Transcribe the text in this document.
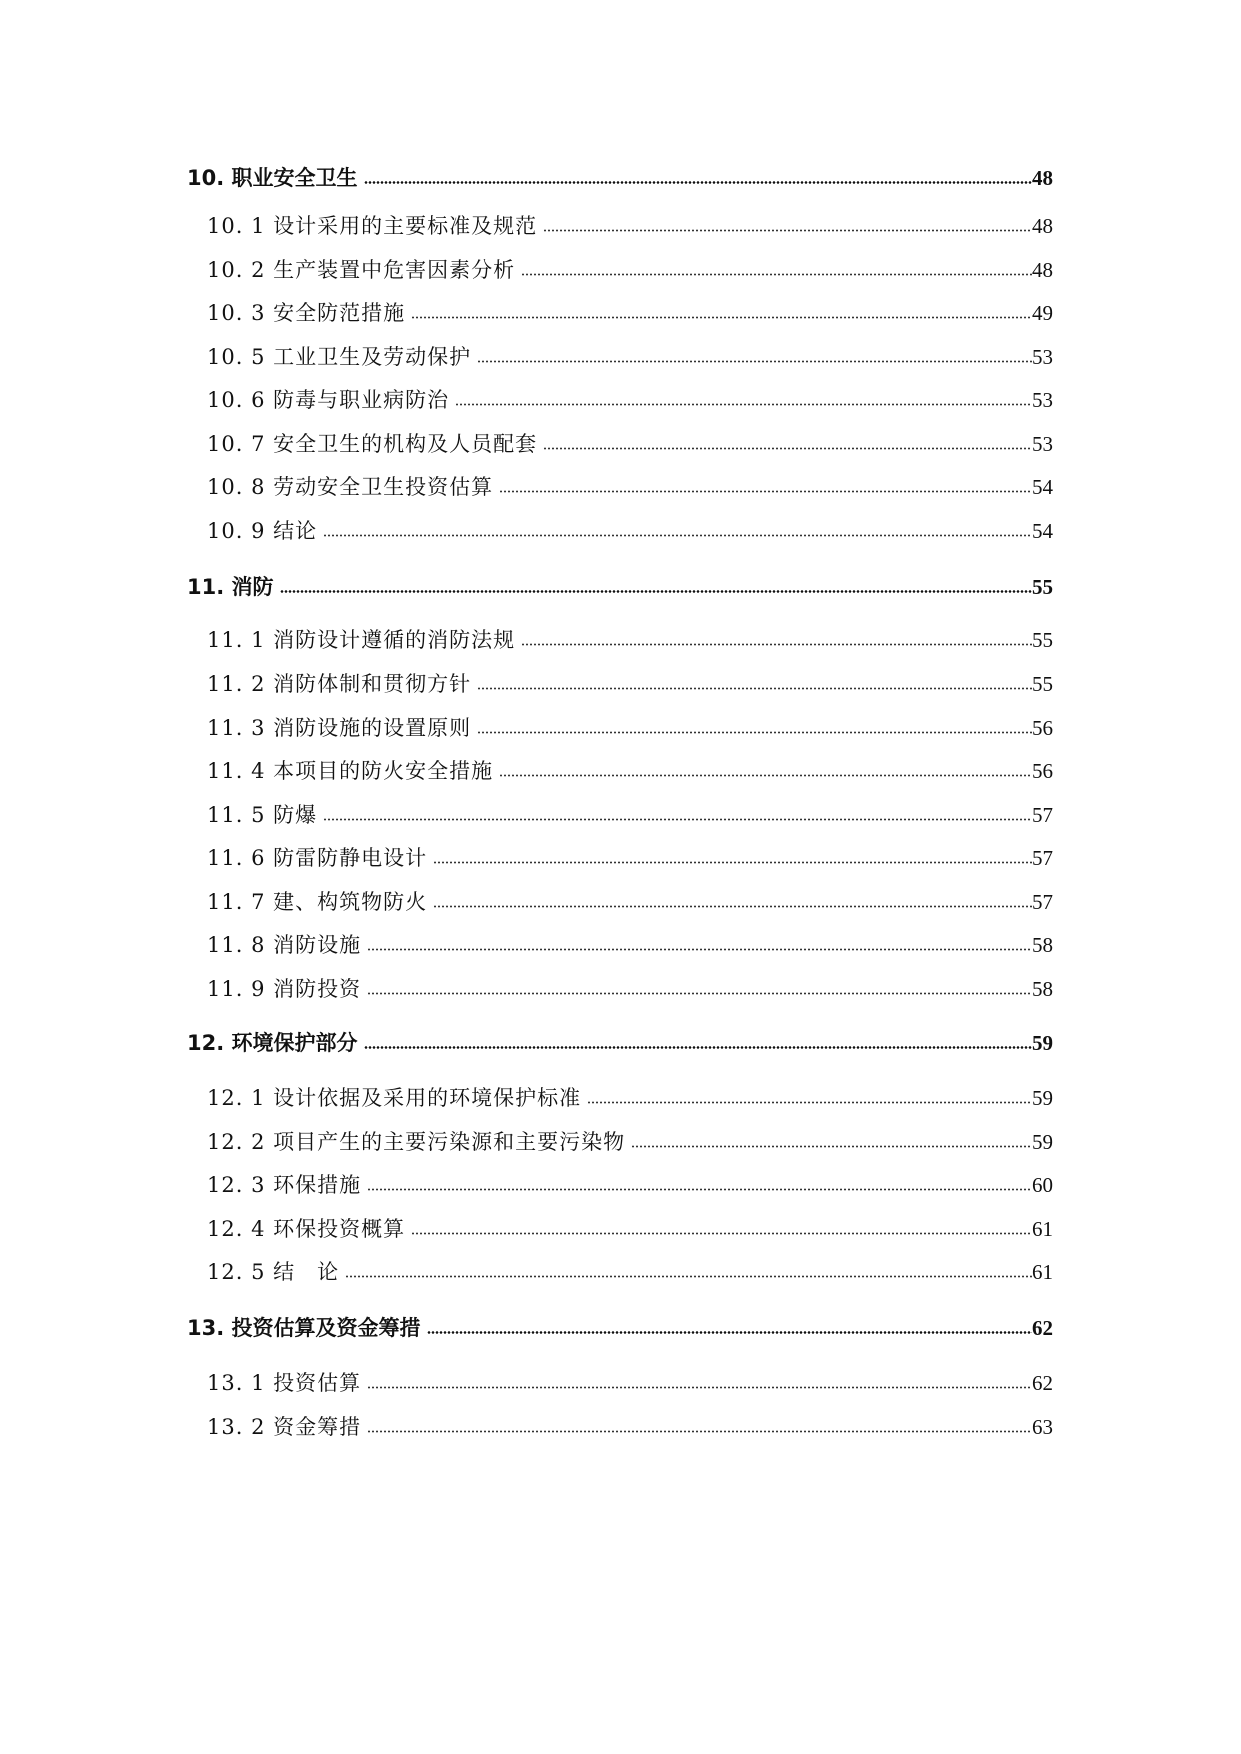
10. 职业安全卫生	48
10. 1 设计采用的主要标准及规范	48
10. 2 生产装置中危害因素分析	48
10. 3 安全防范措施	49
10. 5 工业卫生及劳动保护	53
10. 6 防毒与职业病防治	53
10. 7 安全卫生的机构及人员配套	53
10. 8 劳动安全卫生投资估算	54
10. 9 结论	54
11. 消防	55
11. 1 消防设计遵循的消防法规	55
11. 2 消防体制和贯彻方针	55
11. 3 消防设施的设置原则	56
11. 4 本项目的防火安全措施	56
11. 5 防爆	57
11. 6 防雷防静电设计	57
11. 7 建、构筑物防火	57
11. 8 消防设施	58
11. 9 消防投资	58
12. 环境保护部分	59
12. 1 设计依据及采用的环境保护标准	59
12. 2 项目产生的主要污染源和主要污染物	59
12. 3 环保措施	60
12. 4 环保投资概算	61
12. 5 结　论	61
13. 投资估算及资金筹措	62
13. 1 投资估算	62
13. 2 资金筹措	63
